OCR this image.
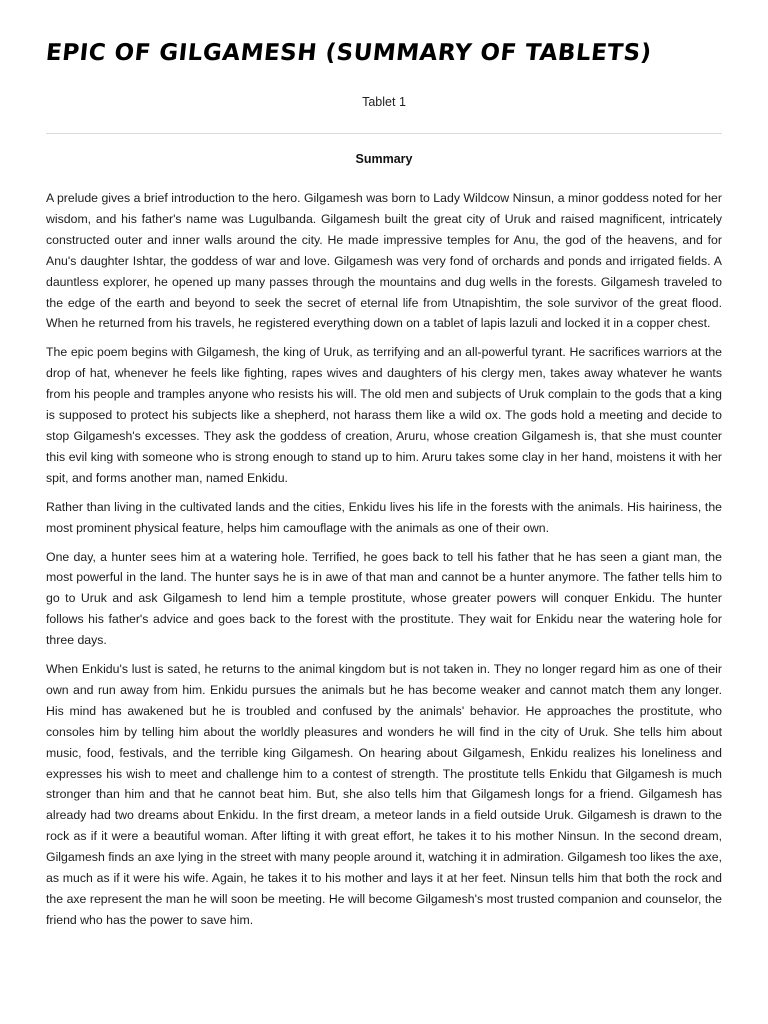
EPIC OF GILGAMESH (SUMMARY OF TABLETS)
Tablet 1
Summary

A prelude gives a brief introduction to the hero. Gilgamesh was born to Lady Wildcow Ninsun, a minor goddess noted for her wisdom, and his father's name was Lugulbanda. Gilgamesh built the great city of Uruk and raised magnificent, intricately constructed outer and inner walls around the city. He made impressive temples for Anu, the god of the heavens, and for Anu's daughter Ishtar, the goddess of war and love. Gilgamesh was very fond of orchards and ponds and irrigated fields. A dauntless explorer, he opened up many passes through the mountains and dug wells in the forests. Gilgamesh traveled to the edge of the earth and beyond to seek the secret of eternal life from Utnapishtim, the sole survivor of the great flood. When he returned from his travels, he registered everything down on a tablet of lapis lazuli and locked it in a copper chest.

The epic poem begins with Gilgamesh, the king of Uruk, as terrifying and an all-powerful tyrant. He sacrifices warriors at the drop of hat, whenever he feels like fighting, rapes wives and daughters of his clergy men, takes away whatever he wants from his people and tramples anyone who resists his will. The old men and subjects of Uruk complain to the gods that a king is supposed to protect his subjects like a shepherd, not harass them like a wild ox. The gods hold a meeting and decide to stop Gilgamesh's excesses. They ask the goddess of creation, Aruru, whose creation Gilgamesh is, that she must counter this evil king with someone who is strong enough to stand up to him. Aruru takes some clay in her hand, moistens it with her spit, and forms another man, named Enkidu.

Rather than living in the cultivated lands and the cities, Enkidu lives his life in the forests with the animals. His hairiness, the most prominent physical feature, helps him camouflage with the animals as one of their own.

One day, a hunter sees him at a watering hole. Terrified, he goes back to tell his father that he has seen a giant man, the most powerful in the land. The hunter says he is in awe of that man and cannot be a hunter anymore. The father tells him to go to Uruk and ask Gilgamesh to lend him a temple prostitute, whose greater powers will conquer Enkidu. The hunter follows his father's advice and goes back to the forest with the prostitute. They wait for Enkidu near the watering hole for three days.

When Enkidu's lust is sated, he returns to the animal kingdom but is not taken in. They no longer regard him as one of their own and run away from him. Enkidu pursues the animals but he has become weaker and cannot match them any longer. His mind has awakened but he is troubled and confused by the animals' behavior. He approaches the prostitute, who consoles him by telling him about the worldly pleasures and wonders he will find in the city of Uruk. She tells him about music, food, festivals, and the terrible king Gilgamesh. On hearing about Gilgamesh, Enkidu realizes his loneliness and expresses his wish to meet and challenge him to a contest of strength. The prostitute tells Enkidu that Gilgamesh is much stronger than him and that he cannot beat him. But, she also tells him that Gilgamesh longs for a friend. Gilgamesh has already had two dreams about Enkidu. In the first dream, a meteor lands in a field outside Uruk. Gilgamesh is drawn to the rock as if it were a beautiful woman. After lifting it with great effort, he takes it to his mother Ninsun. In the second dream, Gilgamesh finds an axe lying in the street with many people around it, watching it in admiration. Gilgamesh too likes the axe, as much as if it were his wife. Again, he takes it to his mother and lays it at her feet. Ninsun tells him that both the rock and the axe represent the man he will soon be meeting. He will become Gilgamesh's most trusted companion and counselor, the friend who has the power to save him.
